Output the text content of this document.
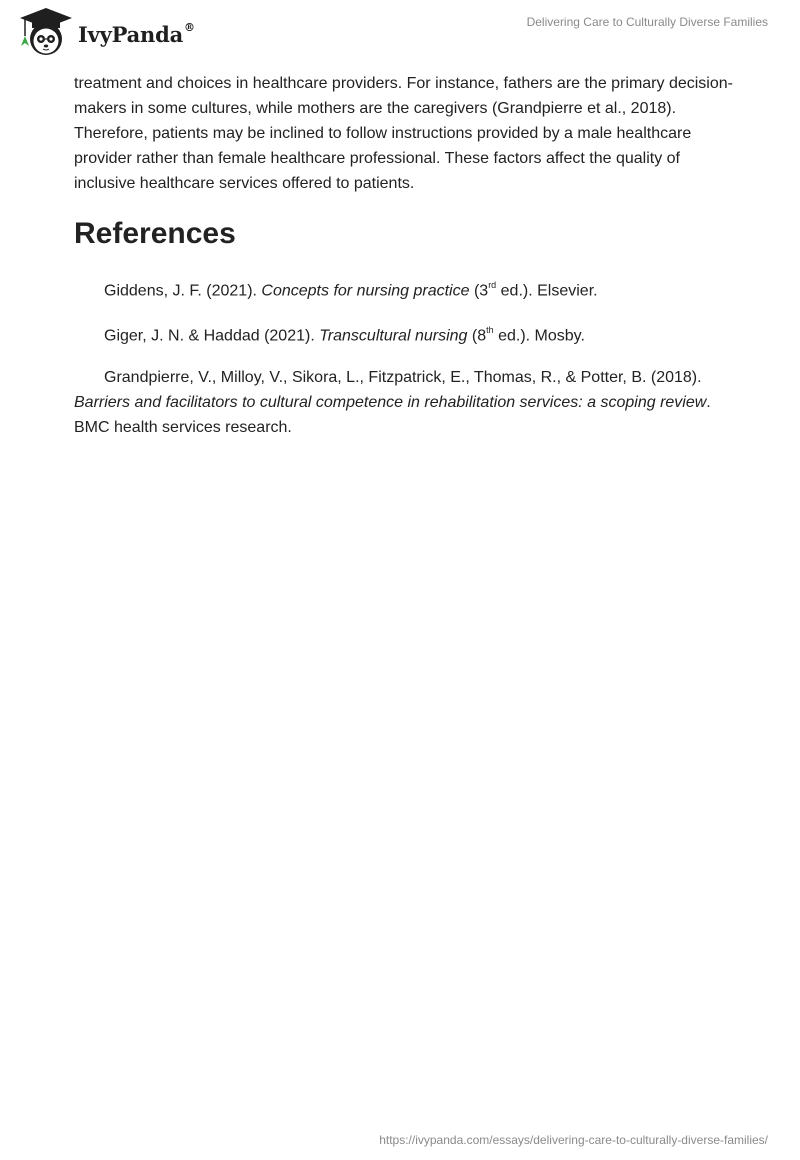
IvyPanda®	Delivering Care to Culturally Diverse Families

treatment and choices in healthcare providers. For instance, fathers are the primary decision-makers in some cultures, while mothers are the caregivers (Grandpierre et al., 2018). Therefore, patients may be inclined to follow instructions provided by a male healthcare provider rather than female healthcare professional. These factors affect the quality of inclusive healthcare services offered to patients.

References

Giddens, J. F. (2021). Concepts for nursing practice (3rd ed.). Elsevier.

Giger, J. N. & Haddad (2021). Transcultural nursing (8th ed.). Mosby.

Grandpierre, V., Milloy, V., Sikora, L., Fitzpatrick, E., Thomas, R., & Potter, B. (2018). Barriers and facilitators to cultural competence in rehabilitation services: a scoping review. BMC health services research.

https://ivypanda.com/essays/delivering-care-to-culturally-diverse-families/
